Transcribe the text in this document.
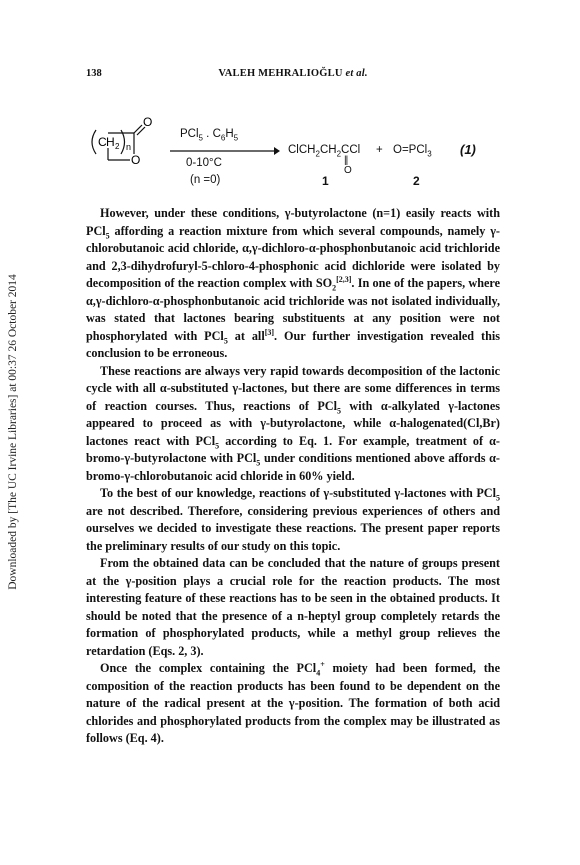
Downloaded by [The UC Irvine Libraries] at 00:37 26 October 2014
138	VALEH MEHRALIOĞLU et al.
C H 2 n
O
O
PCl$_5$ . $C_6H_5$
0-10°C
(n =0)
$ClCH_2CH_2CCl$
||
O
+ O=PCl$_3$ (1)
1	2

However, under these conditions, γ-butyrolactone (n=1) easily reacts with PCl$_5$ affording a reaction mixture from which several compounds, namely γ-chlorobutanoic acid chloride, α,γ-dichloro-α-phosphonbutanoic acid trichloride and 2,3-dihydrofuryl-5-chloro-4-phosphonic acid dichloride were isolated by decomposition of the reaction complex with $SO_2[2,3]$. In one of the papers, where α,γ-dichloro-α-phosphonbutanoic acid trichloride was not isolated individually, was stated that lactones bearing substituents at any position were not phosphorylated with PCl$_5$ at all[3]. Our further investigation revealed this conclusion to be erroneous.

These reactions are always very rapid towards decomposition of the lactonic cycle with all α-substituted γ-lactones, but there are some differences in terms of reaction courses. Thus, reactions of PCl$_5$ with α-alkylated γ-lactones appeared to proceed as with γ-butyrolactone, while α-halogenated(Cl,Br) lactones react with PCl$_5$ according to Eq. 1. For example, treatment of α-bromo-γ-butyrolactone with PCl$_5$ under conditions mentioned above affords α-bromo-γ-chlorobutanoic acid chloride in 60% yield.

To the best of our knowledge, reactions of γ-substituted γ-lactones with PCl$_5$ are not described. Therefore, considering previous experiences of others and ourselves we decided to investigate these reactions. The present paper reports the preliminary results of our study on this topic.

From the obtained data can be concluded that the nature of groups present at the γ-position plays a crucial role for the reaction products. The most interesting feature of these reactions has to be seen in the obtained products. It should be noted that the presence of a n-heptyl group completely retards the formation of phosphorylated products, while a methyl group relieves the retardation (Eqs. 2, 3).

Once the complex containing the PCl$_4$+ moiety had been formed, the composition of the reaction products has been found to be dependent on the nature of the radical present at the γ-position. The formation of both acid chlorides and phosphorylated products from the complex may be illustrated as follows (Eq. 4).
